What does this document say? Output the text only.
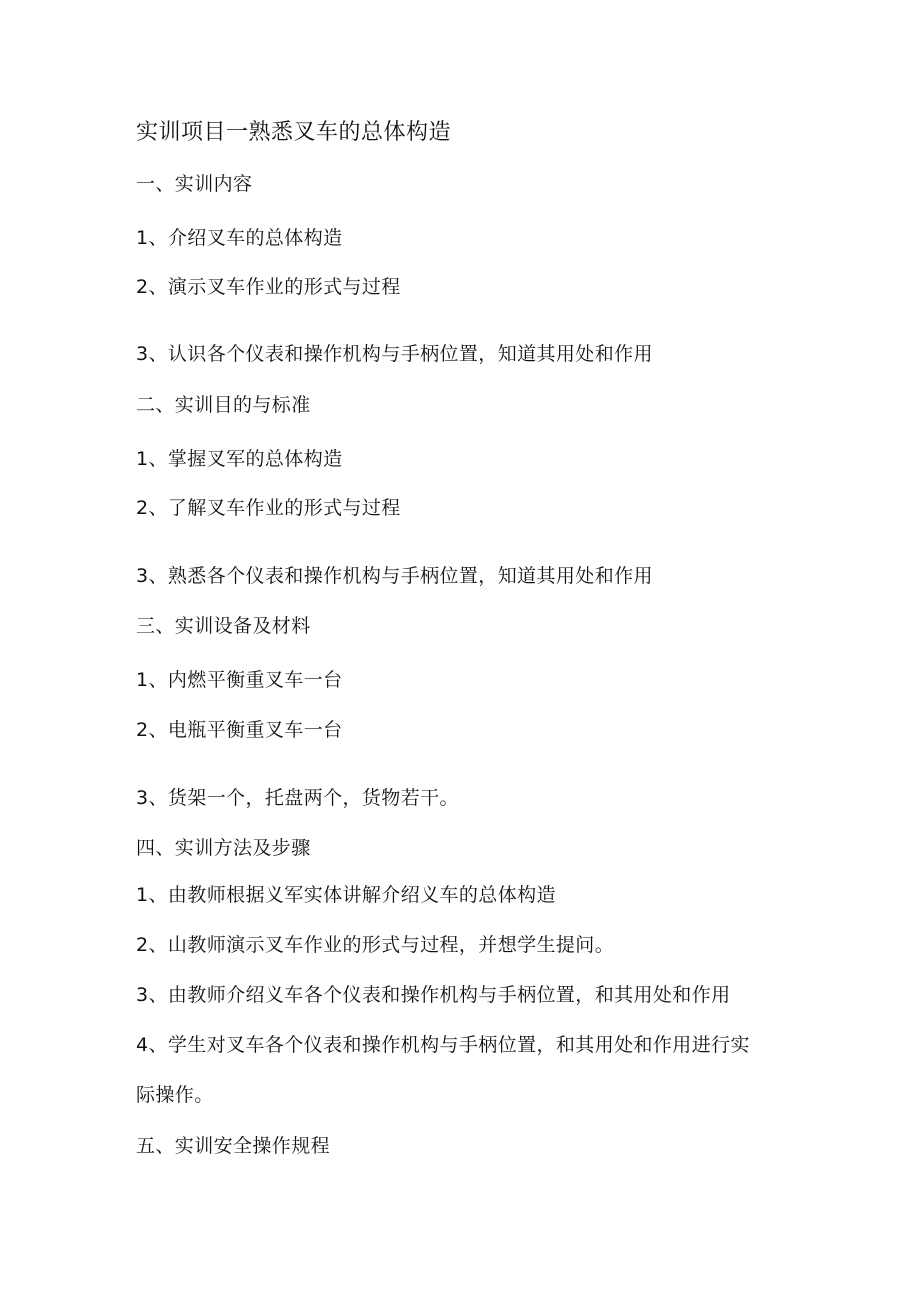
实训项目一熟悉叉车的总体构造
一、实训内容
1、介绍叉车的总体构造
2、演示叉车作业的形式与过程
3、认识各个仪表和操作机构与手柄位置，知道其用处和作用
二、实训目的与标准
1、掌握叉军的总体构造
2、了解叉车作业的形式与过程
3、熟悉各个仪表和操作机构与手柄位置，知道其用处和作用
三、实训设备及材料
1、内燃平衡重叉车一台
2、电瓶平衡重叉车一台
3、货架一个，托盘两个，货物若干。
四、实训方法及步骤
1、由教师根据义军实体讲解介绍义车的总体构造
2、山教师演示叉车作业的形式与过程，并想学生提问。
3、由教师介绍义车各个仪表和操作机构与手柄位置，和其用处和作用
4、学生对叉车各个仪表和操作机构与手柄位置，和其用处和作用进行实
际操作。
五、实训安全操作规程
